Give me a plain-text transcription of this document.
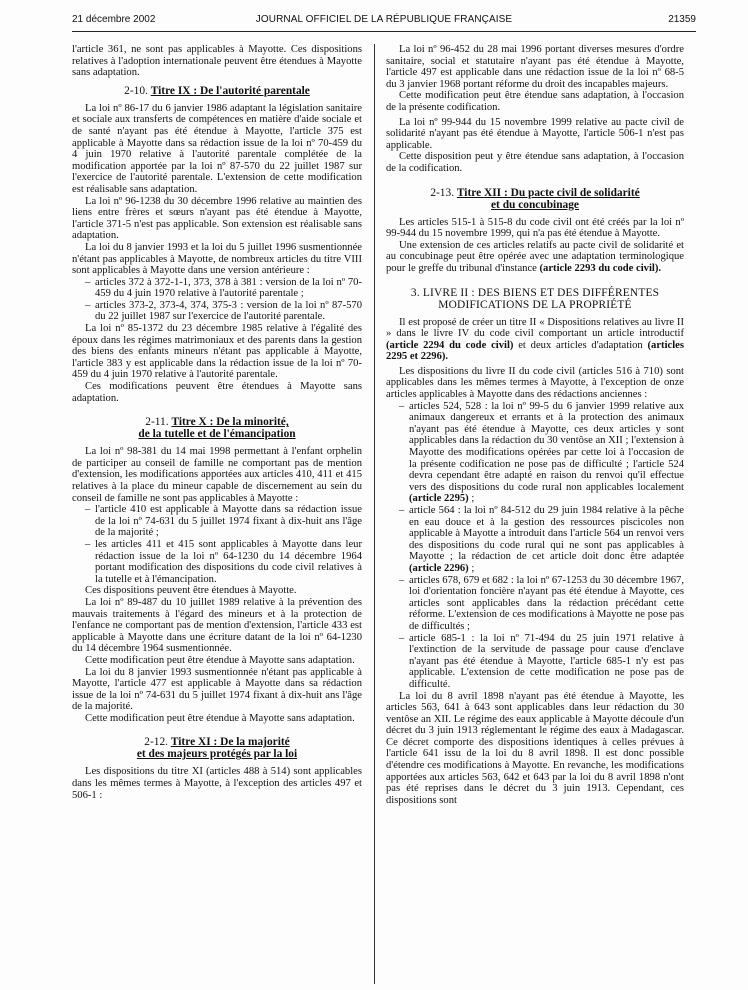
21 décembre 2002	JOURNAL OFFICIEL DE LA RÉPUBLIQUE FRANÇAISE	21359

l'article 361, ne sont pas applicables à Mayotte. Ces dispositions relatives à l'adoption internationale peuvent être étendues à Mayotte sans adaptation.

2-10. Titre IX : De l'autorité parentale

La loi nº 86-17 du 6 janvier 1986 adaptant la législation sanitaire et sociale aux transferts de compétences en matière d'aide sociale et de santé n'ayant pas été étendue à Mayotte, l'article 375 est applicable à Mayotte dans sa rédaction issue de la loi nº 70-459 du 4 juin 1970 relative à l'autorité parentale complétée de la modification apportée par la loi nº 87-570 du 22 juillet 1987 sur l'exercice de l'autorité parentale. L'extension de cette modification est réalisable sans adaptation.

La loi nº 96-1238 du 30 décembre 1996 relative au maintien des liens entre frères et sœurs n'ayant pas été étendue à Mayotte, l'article 371-5 n'est pas applicable. Son extension est réalisable sans adaptation.

La loi du 8 janvier 1993 et la loi du 5 juillet 1996 susmentionnée n'étant pas applicables à Mayotte, de nombreux articles du titre VIII sont applicables à Mayotte dans une version antérieure :

– articles 372 à 372-1-1, 373, 378 à 381 : version de la loi nº 70-459 du 4 juin 1970 relative à l'autorité parentale ;
– articles 373-2, 373-4, 374, 375-3 : version de la loi nº 87-570 du 22 juillet 1987 sur l'exercice de l'autorité parentale.

La loi nº 85-1372 du 23 décembre 1985 relative à l'égalité des époux dans les régimes matrimoniaux et des parents dans la gestion des biens des enfants mineurs n'étant pas applicable à Mayotte, l'article 383 y est applicable dans la rédaction issue de la loi nº 70-459 du 4 juin 1970 relative à l'autorité parentale.

Ces modifications peuvent être étendues à Mayotte sans adaptation.

2-11. Titre X : De la minorité,
de la tutelle et de l'émancipation

La loi nº 98-381 du 14 mai 1998 permettant à l'enfant orphelin de participer au conseil de famille ne comportant pas de mention d'extension, les modifications apportées aux articles 410, 411 et 415 relatives à la place du mineur capable de discernement au sein du conseil de famille ne sont pas applicables à Mayotte :

– l'article 410 est applicable à Mayotte dans sa rédaction issue de la loi nº 74-631 du 5 juillet 1974 fixant à dix-huit ans l'âge de la majorité ;
– les articles 411 et 415 sont applicables à Mayotte dans leur rédaction issue de la loi nº 64-1230 du 14 décembre 1964 portant modification des dispositions du code civil relatives à la tutelle et à l'émancipation.

Ces dispositions peuvent être étendues à Mayotte.

La loi nº 89-487 du 10 juillet 1989 relative à la prévention des mauvais traitements à l'égard des mineurs et à la protection de l'enfance ne comportant pas de mention d'extension, l'article 433 est applicable à Mayotte dans une écriture datant de la loi nº 64-1230 du 14 décembre 1964 susmentionnée.

Cette modification peut être étendue à Mayotte sans adaptation.

La loi du 8 janvier 1993 susmentionnée n'étant pas applicable à Mayotte, l'article 477 est applicable à Mayotte dans sa rédaction issue de la loi nº 74-631 du 5 juillet 1974 fixant à dix-huit ans l'âge de la majorité.

Cette modification peut être étendue à Mayotte sans adaptation.

2-12. Titre XI : De la majorité
et des majeurs protégés par la loi

Les dispositions du titre XI (articles 488 à 514) sont applicables dans les mêmes termes à Mayotte, à l'exception des articles 497 et 506-1 :

La loi nº 96-452 du 28 mai 1996 portant diverses mesures d'ordre sanitaire, social et statutaire n'ayant pas été étendue à Mayotte, l'article 497 est applicable dans une rédaction issue de la loi nº 68-5 du 3 janvier 1968 portant réforme du droit des incapables majeurs.

Cette modification peut être étendue sans adaptation, à l'occasion de la présente codification.

La loi nº 99-944 du 15 novembre 1999 relative au pacte civil de solidarité n'ayant pas été étendue à Mayotte, l'article 506-1 n'est pas applicable.

Cette disposition peut y être étendue sans adaptation, à l'occasion de la codification.

2-13. Titre XII : Du pacte civil de solidarité
et du concubinage

Les articles 515-1 à 515-8 du code civil ont été créés par la loi nº 99-944 du 15 novembre 1999, qui n'a pas été étendue à Mayotte.

Une extension de ces articles relatifs au pacte civil de solidarité et au concubinage peut être opérée avec une adaptation terminologique pour le greffe du tribunal d'instance (article 2293 du code civil).

3. LIVRE II : DES BIENS ET DES DIFFÉRENTES
MODIFICATIONS DE LA PROPRIÉTÉ

Il est proposé de créer un titre II « Dispositions relatives au livre II » dans le livre IV du code civil comportant un article introductif (article 2294 du code civil) et deux articles d'adaptation (articles 2295 et 2296).

Les dispositions du livre II du code civil (articles 516 à 710) sont applicables dans les mêmes termes à Mayotte, à l'exception de onze articles applicables à Mayotte dans des rédactions anciennes :

– articles 524, 528 : la loi nº 99-5 du 6 janvier 1999 relative aux animaux dangereux et errants et à la protection des animaux n'ayant pas été étendue à Mayotte, ces deux articles y sont applicables dans la rédaction du 30 ventôse an XII ; l'extension à Mayotte des modifications opérées par cette loi à l'occasion de la présente codification ne pose pas de difficulté ; l'article 524 devra cependant être adapté en raison du renvoi qu'il effectue vers des dispositions du code rural non applicables localement (article 2295) ;
– article 564 : la loi nº 84-512 du 29 juin 1984 relative à la pêche en eau douce et à la gestion des ressources piscicoles non applicable à Mayotte a introduit dans l'article 564 un renvoi vers des dispositions du code rural qui ne sont pas applicables à Mayotte ; la rédaction de cet article doit donc être adaptée (article 2296) ;
– articles 678, 679 et 682 : la loi nº 67-1253 du 30 décembre 1967, loi d'orientation foncière n'ayant pas été étendue à Mayotte, ces articles sont applicables dans la rédaction précédant cette réforme. L'extension de ces modifications à Mayotte ne pose pas de difficultés ;
– article 685-1 : la loi nº 71-494 du 25 juin 1971 relative à l'extinction de la servitude de passage pour cause d'enclave n'ayant pas été étendue à Mayotte, l'article 685-1 n'y est pas applicable. L'extension de cette modification ne pose pas de difficulté.

La loi du 8 avril 1898 n'ayant pas été étendue à Mayotte, les articles 563, 641 à 643 sont applicables dans leur rédaction du 30 ventôse an XII. Le régime des eaux applicable à Mayotte découle d'un décret du 3 juin 1913 réglementant le régime des eaux à Madagascar. Ce décret comporte des dispositions identiques à celles prévues à l'article 641 issu de la loi du 8 avril 1898. Il est donc possible d'étendre ces modifications à Mayotte. En revanche, les modifications apportées aux articles 563, 642 et 643 par la loi du 8 avril 1898 n'ont pas été reprises dans le décret du 3 juin 1913. Cependant, ces dispositions sont
